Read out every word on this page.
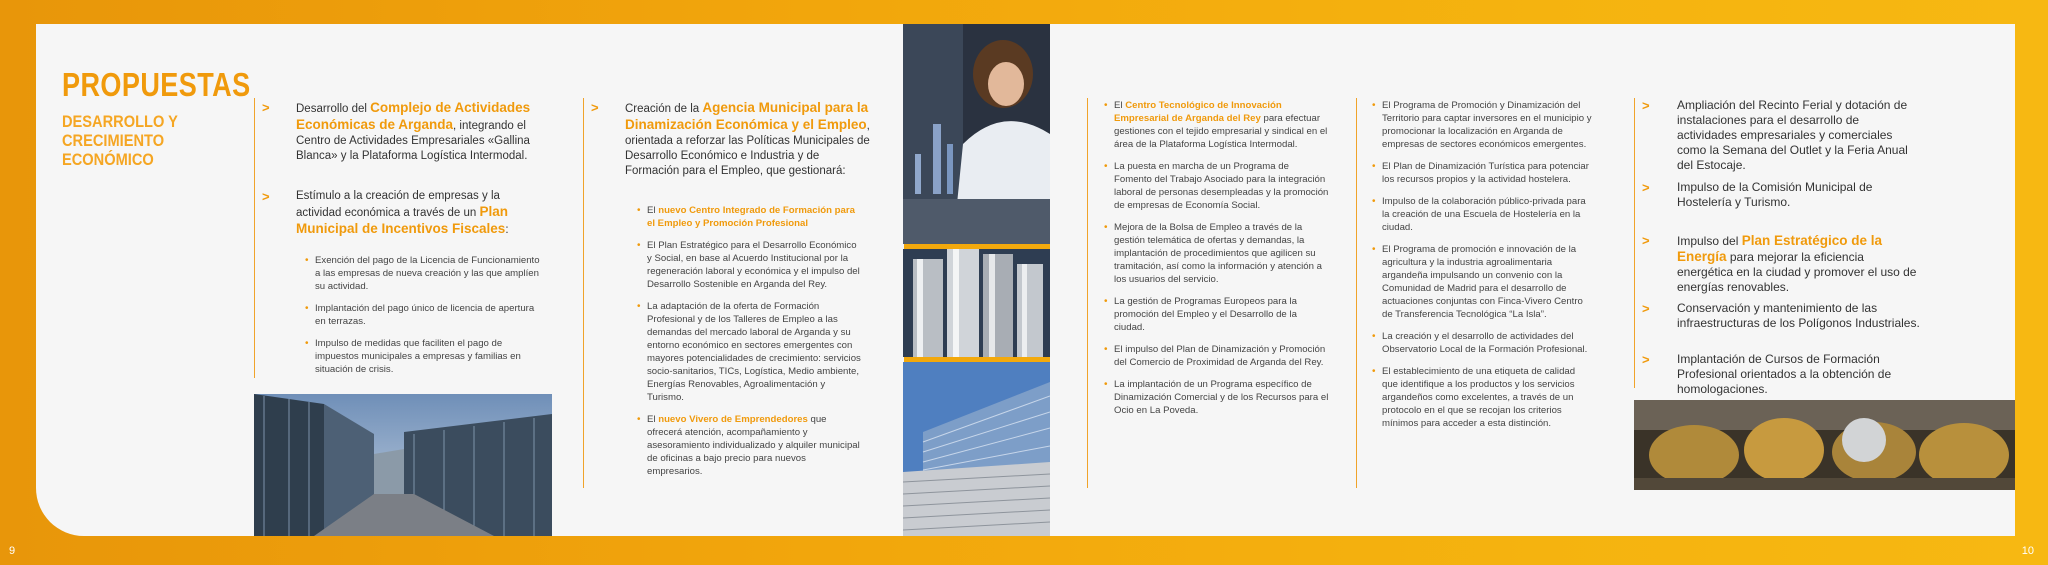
PROPUESTAS
DESARROLLO Y
CRECIMIENTO
ECONÓMICO
> Desarrollo del Complejo de Actividades Económicas de Arganda, integrando el Centro de Actividades Empresariales «Gallina Blanca» y la Plataforma Logística Intermodal.
> Estímulo a la creación de empresas y la actividad económica a través de un Plan Municipal de Incentivos Fiscales:
• Exención del pago de la Licencia de Funcionamiento a las empresas de nueva creación y las que amplíen su actividad.
• Implantación del pago único de licencia de apertura en terrazas.
• Impulso de medidas que faciliten el pago de impuestos municipales a empresas y familias en situación de crisis.
> Creación de la Agencia Municipal para la Dinamización Económica y el Empleo, orientada a reforzar las Políticas Municipales de Desarrollo Económico e Industria y de Formación para el Empleo, que gestionará:
• El nuevo Centro Integrado de Formación para el Empleo y Promoción Profesional
• El Plan Estratégico para el Desarrollo Económico y Social, en base al Acuerdo Institucional por la regeneración laboral y económica y el impulso del Desarrollo Sostenible en Arganda del Rey.
• La adaptación de la oferta de Formación Profesional y de los Talleres de Empleo a las demandas del mercado laboral de Arganda y su entorno económico en sectores emergentes con mayores potencialidades de crecimiento: servicios socio-sanitarios, TICs, Logística, Medio ambiente, Energías Renovables, Agroalimentación y Turismo.
• El nuevo Vivero de Emprendedores que ofrecerá atención, acompañamiento y asesoramiento individualizado y alquiler municipal de oficinas a bajo precio para nuevos empresarios.
• El Centro Tecnológico de Innovación Empresarial de Arganda del Rey para efectuar gestiones con el tejido empresarial y sindical en el área de la Plataforma Logística Intermodal.
• La puesta en marcha de un Programa de Fomento del Trabajo Asociado para la integración laboral de personas desempleadas y la promoción de empresas de Economía Social.
• Mejora de la Bolsa de Empleo a través de la gestión telemática de ofertas y demandas, la implantación de procedimientos que agilicen su tramitación, así como la información y atención a los usuarios del servicio.
• La gestión de Programas Europeos para la promoción del Empleo y el Desarrollo de la ciudad.
• El impulso del Plan de Dinamización y Promoción del Comercio de Proximidad de Arganda del Rey.
• La implantación de un Programa específico de Dinamización Comercial y de los Recursos para el Ocio en La Poveda.
• El Programa de Promoción y Dinamización del Territorio para captar inversores en el municipio y promocionar la localización en Arganda de empresas de sectores económicos emergentes.
• El Plan de Dinamización Turística para potenciar los recursos propios y la actividad hostelera.
• Impulso de la colaboración público-privada para la creación de una Escuela de Hostelería en la ciudad.
• El Programa de promoción e innovación de la agricultura y la industria agroalimentaria argandeña impulsando un convenio con la Comunidad de Madrid para el desarrollo de actuaciones conjuntas con Finca-Vivero Centro de Transferencia Tecnológica “La Isla”.
• La creación y el desarrollo de actividades del Observatorio Local de la Formación Profesional.
• El establecimiento de una etiqueta de calidad que identifique a los productos y los servicios argandeños como excelentes, a través de un protocolo en el que se recojan los criterios mínimos para acceder a esta distinción.
> Ampliación del Recinto Ferial y dotación de instalaciones para el desarrollo de actividades empresariales y comerciales como la Semana del Outlet y la Feria Anual del Estocaje.
> Impulso de la Comisión Municipal de Hostelería y Turismo.
> Impulso del Plan Estratégico de la Energía para mejorar la eficiencia energética en la ciudad y promover el uso de energías renovables.
> Conservación y mantenimiento de las infraestructuras de los Polígonos Industriales.
> Implantación de Cursos de Formación Profesional orientados a la obtención de homologaciones.
9	10
